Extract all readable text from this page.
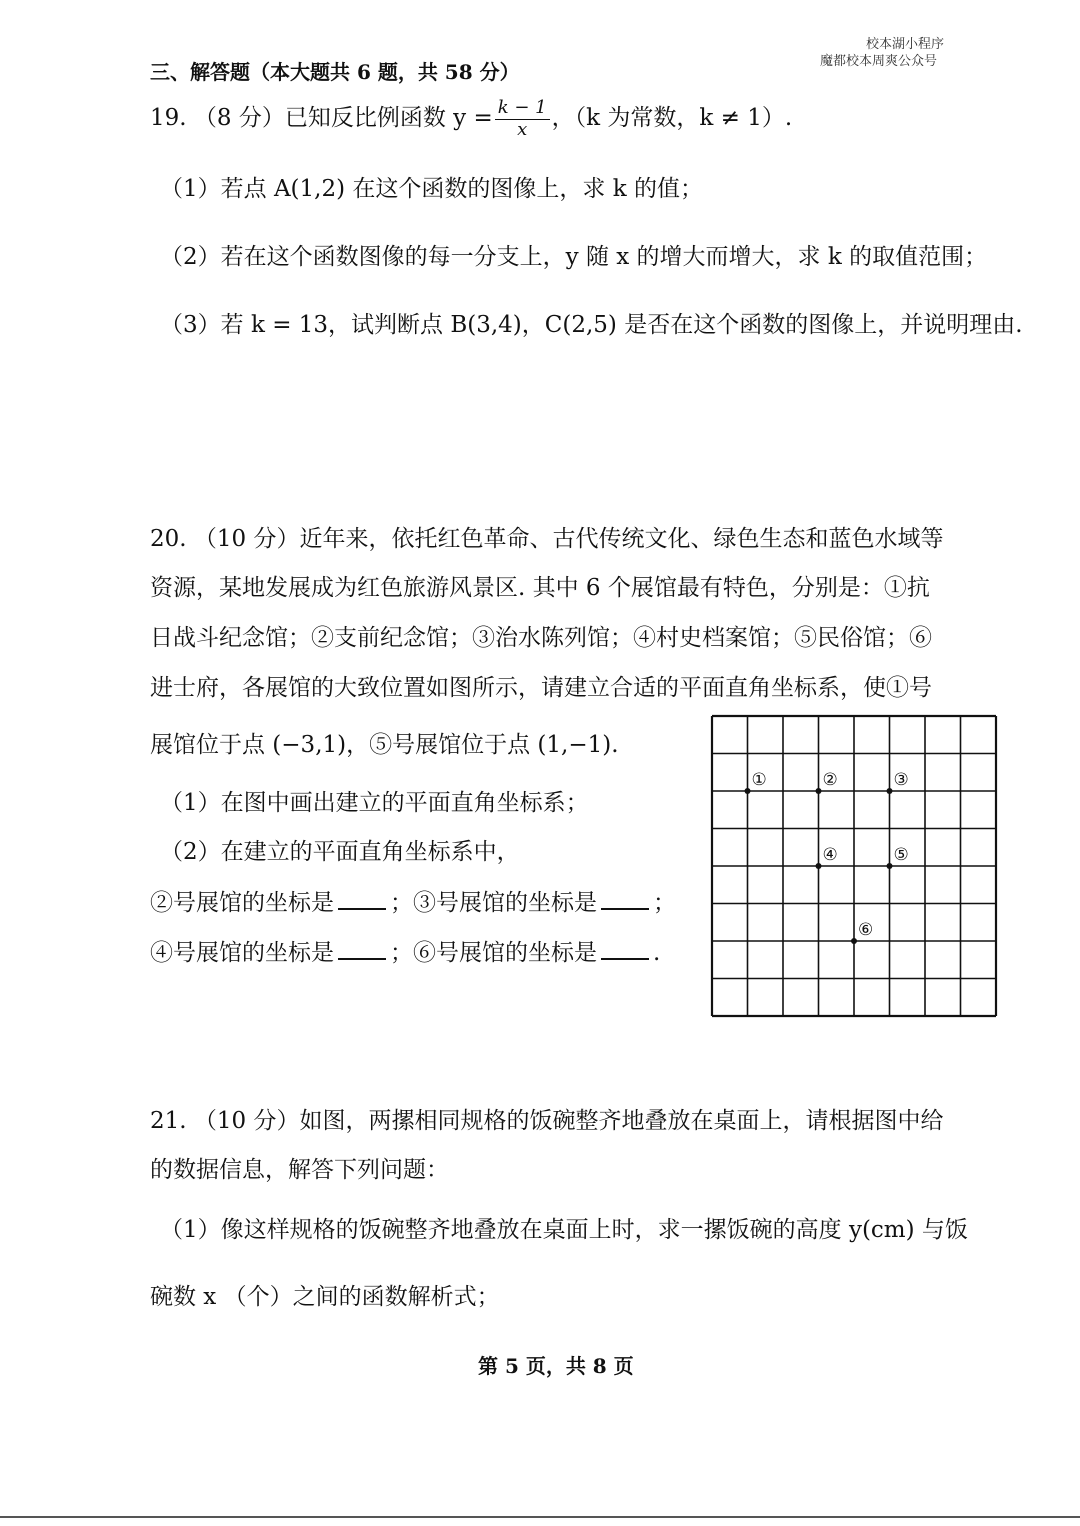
校本湖小程序
魔都校本周爽公众号
三、解答题（本大题共 6 题，共 58 分）
19. （8 分）已知反比例函数 $y = \frac{k - 1}{x}$ ，（k 为常数，k ≠ 1）.
（1）若点 A(1,2) 在这个函数的图像上，求 k 的值；
（2）若在这个函数图像的每一分支上，y 随 x 的增大而增大，求 k 的取值范围；
（3）若 k = 13，试判断点 B(3,4)，C(2,5) 是否在这个函数的图像上，并说明理由.
20. （10 分）近年来，依托红色革命、古代传统文化、绿色生态和蓝色水域等
资源，某地发展成为红色旅游风景区. 其中 6 个展馆最有特色，分别是：①抗
日战斗纪念馆；②支前纪念馆；③治水陈列馆；④村史档案馆；⑤民俗馆；⑥
进士府，各展馆的大致位置如图所示，请建立合适的平面直角坐标系，使①号
展馆位于点 (−3,1)，⑤号展馆位于点 (1,−1).
（1）在图中画出建立的平面直角坐标系；
（2）在建立的平面直角坐标系中，
②号展馆的坐标是 ；③号展馆的坐标是 ；
④号展馆的坐标是 ；⑥号展馆的坐标是 .
①	②	③
④	⑤
⑥
21. （10 分）如图，两摞相同规格的饭碗整齐地叠放在桌面上，请根据图中给
的数据信息，解答下列问题：
（1）像这样规格的饭碗整齐地叠放在桌面上时，求一摞饭碗的高度 y(cm) 与饭
碗数 x （个）之间的函数解析式；
第 5 页，共 8 页
